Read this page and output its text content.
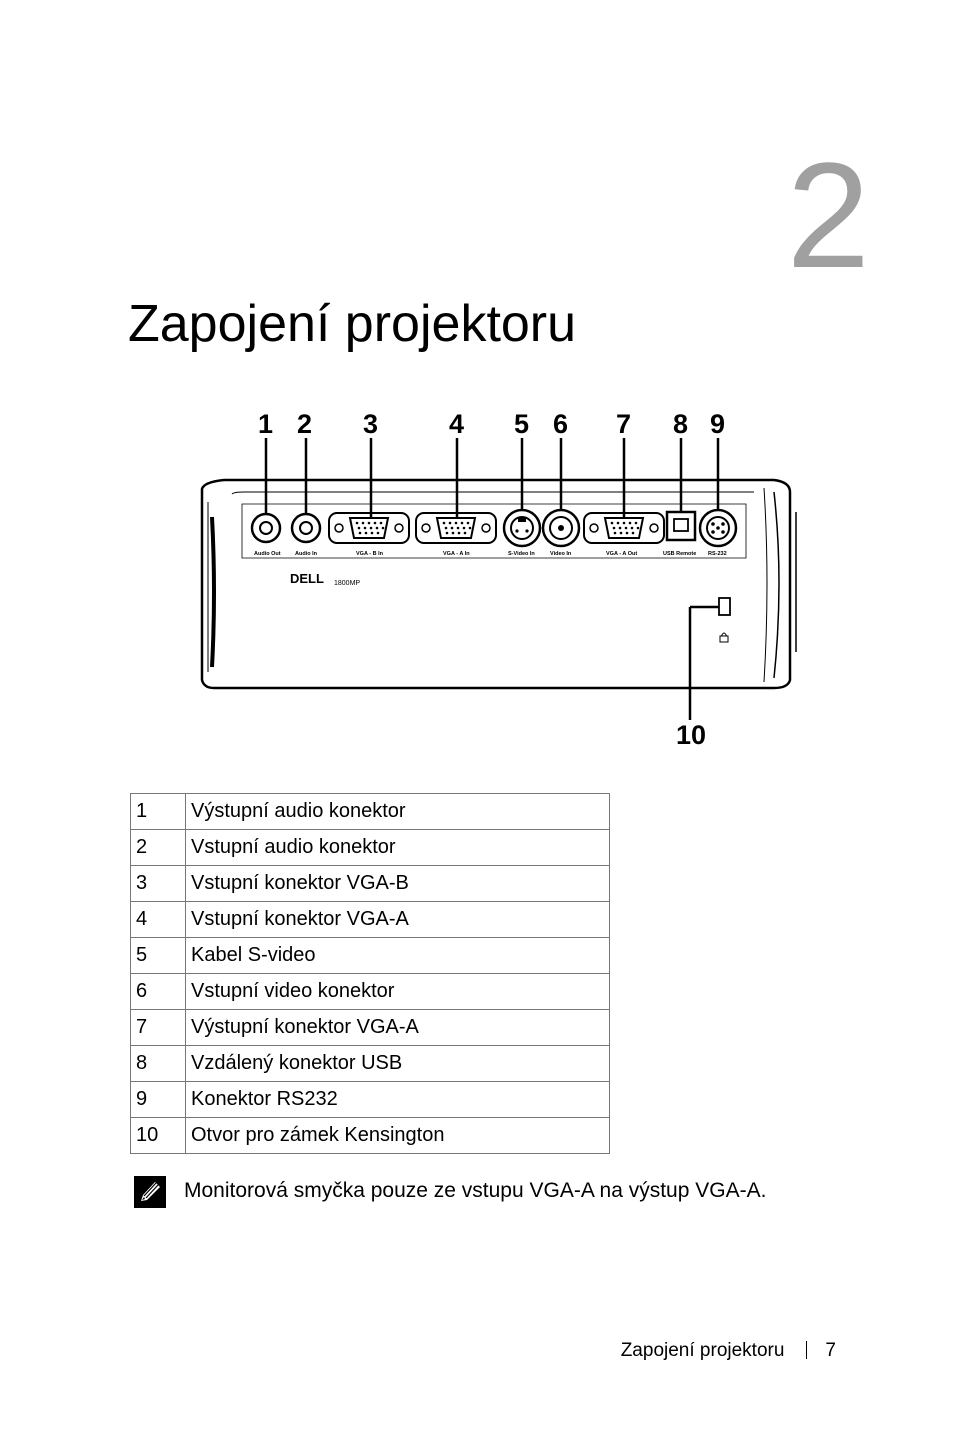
2
Zapojení projektoru
Audio Out	Audio In	VGA - B In	VGA - A In	S-Video In	Video In	VGA - A Out	USB Remote RS-232
DELL 1800MP
1 2 3	4 5 6 7 8 9
10
1	Výstupní audio konektor
2	Vstupní audio konektor
3	Vstupní konektor VGA-B
4	Vstupní konektor VGA-A
5	Kabel S-video
6	Vstupní video konektor
7	Výstupní konektor VGA-A
8	Vzdálený konektor USB
9	Konektor RS232
10	Otvor pro zámek Kensington
Monitorová smyčka pouze ze vstupu VGA-A na výstup VGA-A.
Zapojení projektoru 7
